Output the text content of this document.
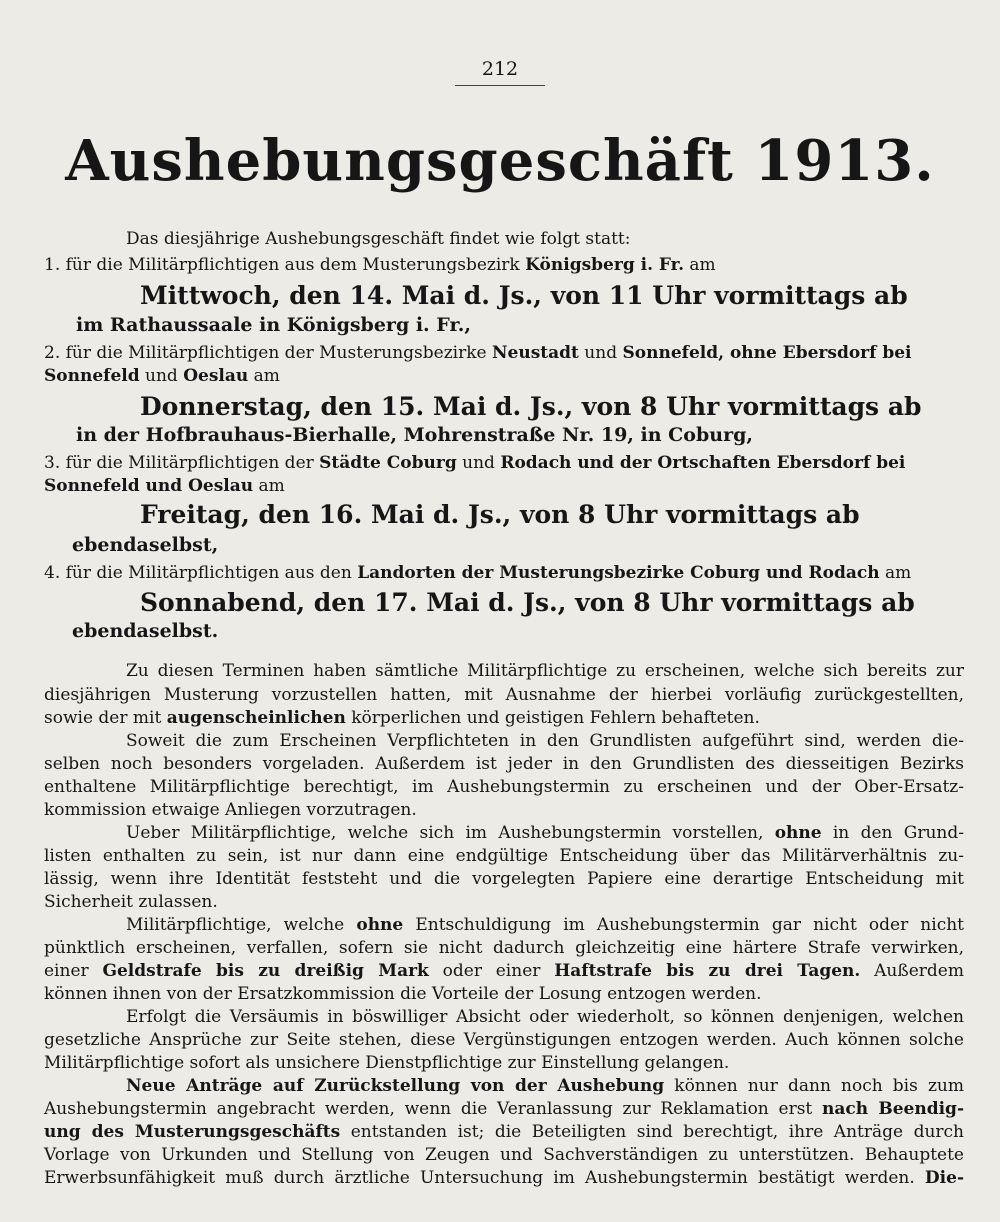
212
Aushebungsgeschäft 1913.
Das diesjährige Aushebungsgeschäft findet wie folgt statt:
1. für die Militärpflichtigen aus dem Musterungsbezirk Königsberg i. Fr. am
Mittwoch, den 14. Mai d. Js., von 11 Uhr vormittags ab
im Rathaussaale in Königsberg i. Fr.,
2. für die Militärpflichtigen der Musterungsbezirke Neustadt und Sonnefeld, ohne Ebersdorf bei
Sonnefeld und Oeslau am
Donnerstag, den 15. Mai d. Js., von 8 Uhr vormittags ab
in der Hofbrauhaus-Bierhalle, Mohrenstraße Nr. 19, in Coburg,
3. für die Militärpflichtigen der Städte Coburg und Rodach und der Ortschaften Ebersdorf bei
Sonnefeld und Oeslau am
Freitag, den 16. Mai d. Js., von 8 Uhr vormittags ab
ebendaselbst,
4. für die Militärpflichtigen aus den Landorten der Musterungsbezirke Coburg und Rodach am
Sonnabend, den 17. Mai d. Js., von 8 Uhr vormittags ab
ebendaselbst.
Zu diesen Terminen haben sämtliche Militärpflichtige zu erscheinen, welche sich bereits zur
diesjährigen Musterung vorzustellen hatten, mit Ausnahme der hierbei vorläufig zurückgestellten,
sowie der mit augenscheinlichen körperlichen und geistigen Fehlern behafteten.
Soweit die zum Erscheinen Verpflichteten in den Grundlisten aufgeführt sind, werden die-
selben noch besonders vorgeladen. Außerdem ist jeder in den Grundlisten des diesseitigen Bezirks
enthaltene Militärpflichtige berechtigt, im Aushebungstermin zu erscheinen und der Ober-Ersatz-
kommission etwaige Anliegen vorzutragen.
Ueber Militärpflichtige, welche sich im Aushebungstermin vorstellen, ohne in den Grund-
listen enthalten zu sein, ist nur dann eine endgültige Entscheidung über das Militärverhältnis zu-
lässig, wenn ihre Identität feststeht und die vorgelegten Papiere eine derartige Entscheidung mit
Sicherheit zulassen.
Militärpflichtige, welche ohne Entschuldigung im Aushebungstermin gar nicht oder nicht
pünktlich erscheinen, verfallen, sofern sie nicht dadurch gleichzeitig eine härtere Strafe verwirken,
einer Geldstrafe bis zu dreißig Mark oder einer Haftstrafe bis zu drei Tagen. Außerdem
können ihnen von der Ersatzkommission die Vorteile der Losung entzogen werden.
Erfolgt die Versäumis in böswilliger Absicht oder wiederholt, so können denjenigen, welchen
gesetzliche Ansprüche zur Seite stehen, diese Vergünstigungen entzogen werden. Auch können solche
Militärpflichtige sofort als unsichere Dienstpflichtige zur Einstellung gelangen.
Neue Anträge auf Zurückstellung von der Aushebung können nur dann noch bis zum
Aushebungstermin angebracht werden, wenn die Veranlassung zur Reklamation erst nach Beendig-
ung des Musterungsgeschäfts entstanden ist; die Beteiligten sind berechtigt, ihre Anträge durch
Vorlage von Urkunden und Stellung von Zeugen und Sachverständigen zu unterstützen. Behauptete
Erwerbsunfähigkeit muß durch ärztliche Untersuchung im Aushebungstermin bestätigt werden. Die-
